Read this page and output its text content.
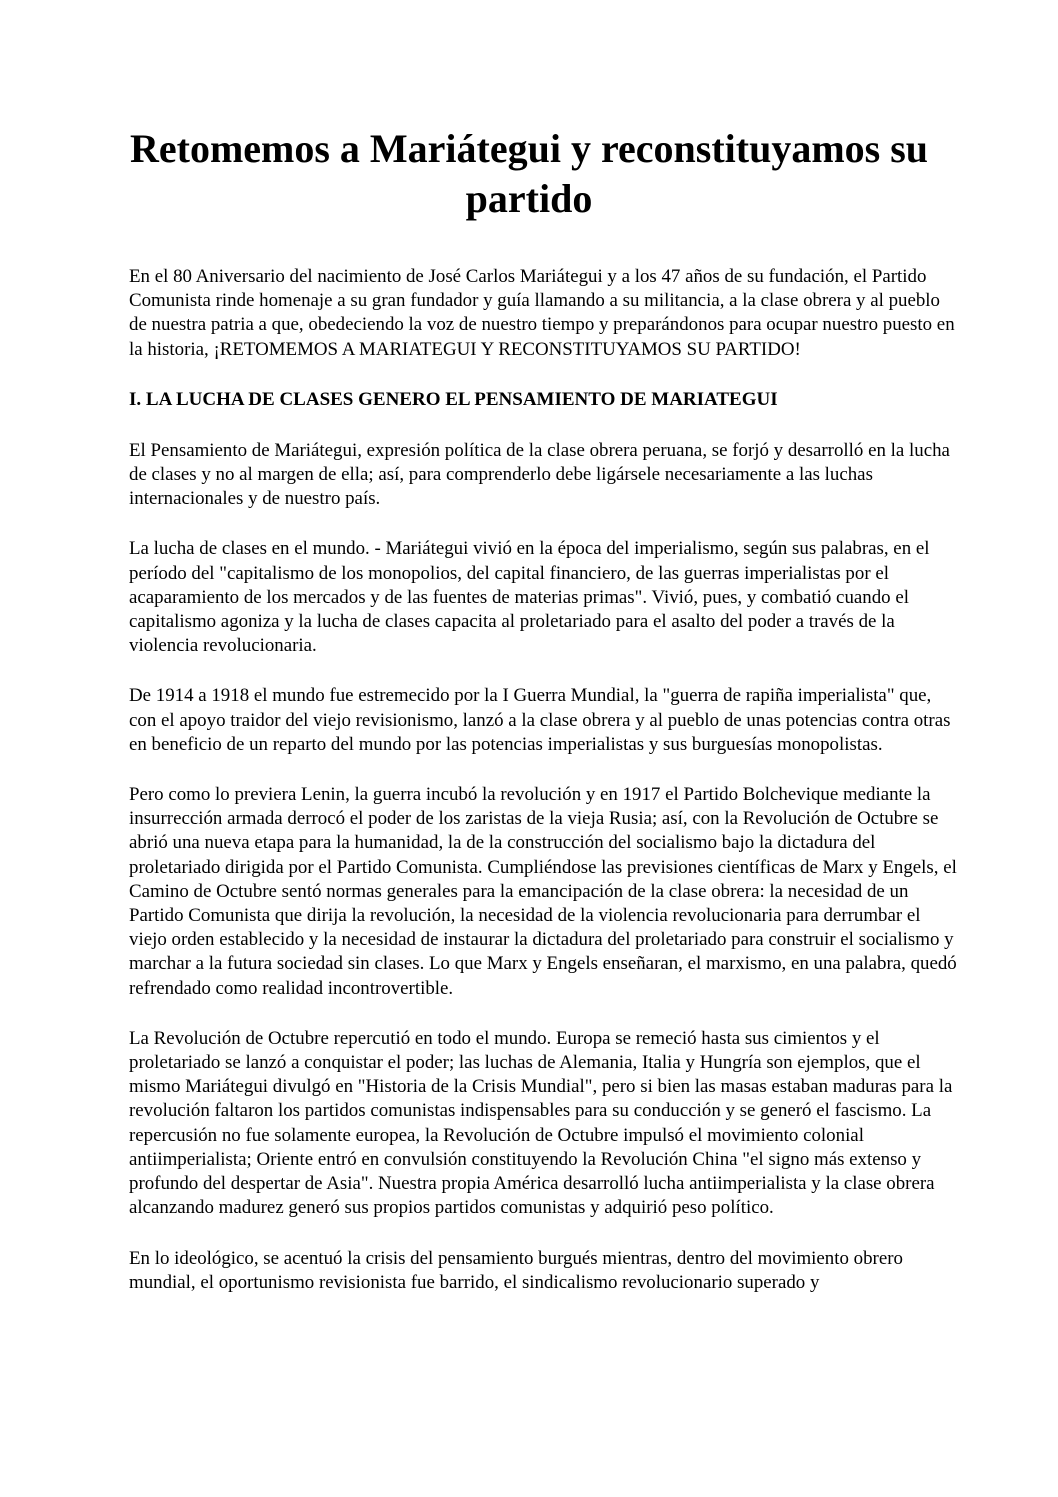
Retomemos a Mariátegui y reconstituyamos su partido

En el 80 Aniversario del nacimiento de José Carlos Mariátegui y a los 47 años de su fundación, el Partido Comunista rinde homenaje a su gran fundador y guía llamando a su militancia, a la clase obrera y al pueblo de nuestra patria a que, obedeciendo la voz de nuestro tiempo y preparándonos para ocupar nuestro puesto en la historia, ¡RETOMEMOS A MARIATEGUI Y RECONSTITUYAMOS SU PARTIDO!

I. LA LUCHA DE CLASES GENERO EL PENSAMIENTO DE MARIATEGUI

El Pensamiento de Mariátegui, expresión política de la clase obrera peruana, se forjó y desarrolló en la lucha de clases y no al margen de ella; así, para comprenderlo debe ligársele necesariamente a las luchas internacionales y de nuestro país.

La lucha de clases en el mundo. - Mariátegui vivió en la época del imperialismo, según sus palabras, en el período del "capitalismo de los monopolios, del capital financiero, de las guerras imperialistas por el acaparamiento de los mercados y de las fuentes de materias primas". Vivió, pues, y combatió cuando el capitalismo agoniza y la lucha de clases capacita al proletariado para el asalto del poder a través de la violencia revolucionaria.

De 1914 a 1918 el mundo fue estremecido por la I Guerra Mundial, la "guerra de rapiña imperialista" que, con el apoyo traidor del viejo revisionismo, lanzó a la clase obrera y al pueblo de unas potencias contra otras en beneficio de un reparto del mundo por las potencias imperialistas y sus burguesías monopolistas.

Pero como lo previera Lenin, la guerra incubó la revolución y en 1917 el Partido Bolchevique mediante la insurrección armada derrocó el poder de los zaristas de la vieja Rusia; así, con la Revolución de Octubre se abrió una nueva etapa para la humanidad, la de la construcción del socialismo bajo la dictadura del proletariado dirigida por el Partido Comunista. Cumpliéndose las previsiones científicas de Marx y Engels, el Camino de Octubre sentó normas generales para la emancipación de la clase obrera: la necesidad de un Partido Comunista que dirija la revolución, la necesidad de la violencia revolucionaria para derrumbar el viejo orden establecido y la necesidad de instaurar la dictadura del proletariado para construir el socialismo y marchar a la futura sociedad sin clases. Lo que Marx y Engels enseñaran, el marxismo, en una palabra, quedó refrendado como realidad incontrovertible.

La Revolución de Octubre repercutió en todo el mundo. Europa se remeció hasta sus cimientos y el proletariado se lanzó a conquistar el poder; las luchas de Alemania, Italia y Hungría son ejemplos, que el mismo Mariátegui divulgó en "Historia de la Crisis Mundial", pero si bien las masas estaban maduras para la revolución faltaron los partidos comunistas indispensables para su conducción y se generó el fascismo. La repercusión no fue solamente europea, la Revolución de Octubre impulsó el movimiento colonial antiimperialista; Oriente entró en convulsión constituyendo la Revolución China "el signo más extenso y profundo del despertar de Asia". Nuestra propia América desarrolló lucha antiimperialista y la clase obrera alcanzando madurez generó sus propios partidos comunistas y adquirió peso político.

En lo ideológico, se acentuó la crisis del pensamiento burgués mientras, dentro del movimiento obrero mundial, el oportunismo revisionista fue barrido, el sindicalismo revolucionario superado y
